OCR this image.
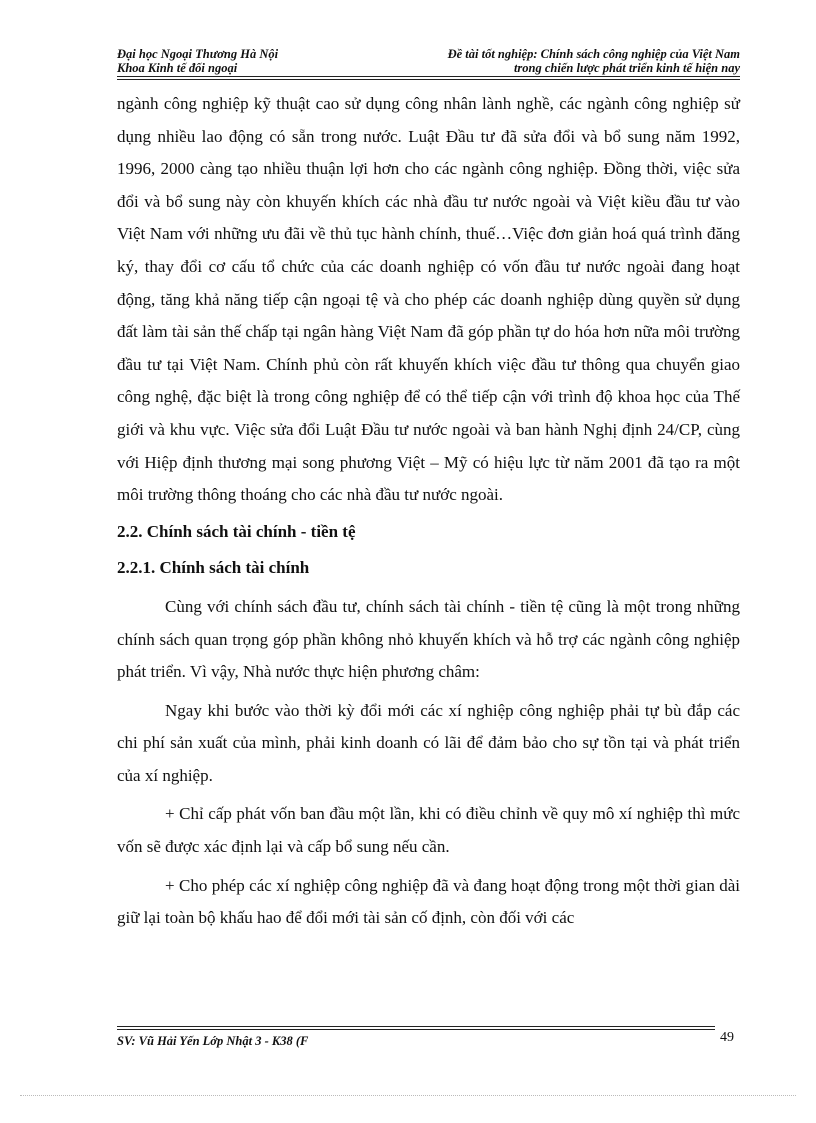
Đại học Ngoại Thương Hà Nội
Khoa Kinh tế đối ngoại
Đề tài tốt nghiệp: Chính sách công nghiệp của Việt Nam
trong chiến lược phát triển kinh tế hiện nay

ngành công nghiệp kỹ thuật cao sử dụng công nhân lành nghề, các ngành công nghiệp sử dụng nhiều lao động có sẵn trong nước. Luật Đầu tư đã sửa đổi và bổ sung năm 1992, 1996, 2000 càng tạo nhiều thuận lợi hơn cho các ngành công nghiệp. Đồng thời, việc sửa đổi và bổ sung này còn khuyến khích các nhà đầu tư nước ngoài và Việt kiều đầu tư vào Việt Nam với những ưu đãi về thủ tục hành chính, thuế…Việc đơn giản hoá quá trình đăng ký, thay đổi cơ cấu tổ chức của các doanh nghiệp có vốn đầu tư nước ngoài đang hoạt động, tăng khả năng tiếp cận ngoại tệ và cho phép các doanh nghiệp dùng quyền sử dụng đất làm tài sản thế chấp tại ngân hàng Việt Nam đã góp phần tự do hóa hơn nữa môi trường đầu tư tại Việt Nam. Chính phủ còn rất khuyến khích việc đầu tư thông qua chuyển giao công nghệ, đặc biệt là trong công nghiệp để có thể tiếp cận với trình độ khoa học của Thế giới và khu vực. Việc sửa đổi Luật Đầu tư nước ngoài và ban hành Nghị định 24/CP, cùng với Hiệp định thương mại song phương Việt – Mỹ có hiệu lực từ năm 2001 đã tạo ra một môi trường thông thoáng cho các nhà đầu tư nước ngoài.

2.2. Chính sách tài chính - tiền tệ
2.2.1. Chính sách tài chính

Cùng với chính sách đầu tư, chính sách tài chính - tiền tệ cũng là một trong những chính sách quan trọng góp phần không nhỏ khuyến khích và hỗ trợ các ngành công nghiệp phát triển. Vì vậy, Nhà nước thực hiện phương châm:

Ngay khi bước vào thời kỳ đổi mới các xí nghiệp công nghiệp phải tự bù đắp các chi phí sản xuất của mình, phải kinh doanh có lãi để đảm bảo cho sự tồn tại và phát triển của xí nghiệp.

+ Chỉ cấp phát vốn ban đầu một lần, khi có điều chỉnh về quy mô xí nghiệp thì mức vốn sẽ được xác định lại và cấp bổ sung nếu cần.

+ Cho phép các xí nghiệp công nghiệp đã và đang hoạt động trong một thời gian dài giữ lại toàn bộ khấu hao để đổi mới tài sản cố định, còn đối với các

SV: Vũ Hải Yến Lớp Nhật 3 - K38 (F	49
